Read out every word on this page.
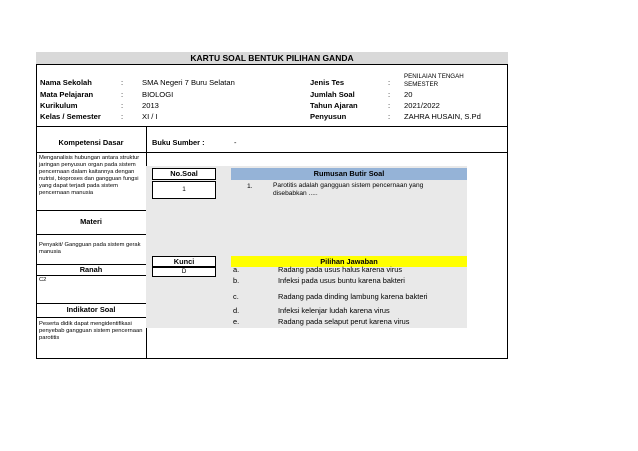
KARTU SOAL BENTUK PILIHAN GANDA
Nama Sekolah	: SMA Negeri 7 Buru Selatan	Jenis Tes	:
PENILAIAN TENGAH
SEMESTER
Mata Pelajaran	: BIOLOGI	Jumlah Soal	: 20
Kurikulum	: 2013	Tahun Ajaran	: 2021/2022
Kelas / Semester	: XI / I	Penyusun	: ZAHRA HUSAIN, S.Pd
Kompetensi Dasar
Menganalisis hubungan antara struktur jaringan penyusun organ pada sistem pencernaan dalam kaitannya dengan nutrisi, bioproses dan gangguan fungsi yang dapat terjadi pada sistem pencernaan manusia
Buku Sumber :	-
Materi
Penyakit/ Gangguan pada sistem gerak manusia
Ranah
C2
Indikator Soal
Peserta didik dapat mengidentifikasi penyebab gangguan sistem pencernaan parotitis
No.Soal
1
Rumusan Butir Soal
1.	Parotitis adalah gangguan sistem pencernaan yang
disebabkan .....
Kunci
D
Pilihan Jawaban
a.	Radang pada usus halus karena virus
b.	Infeksi pada usus buntu karena bakteri
c.	Radang pada dinding lambung karena bakteri
d.	Infeksi kelenjar ludah karena virus
e.	Radang pada selaput perut karena virus
